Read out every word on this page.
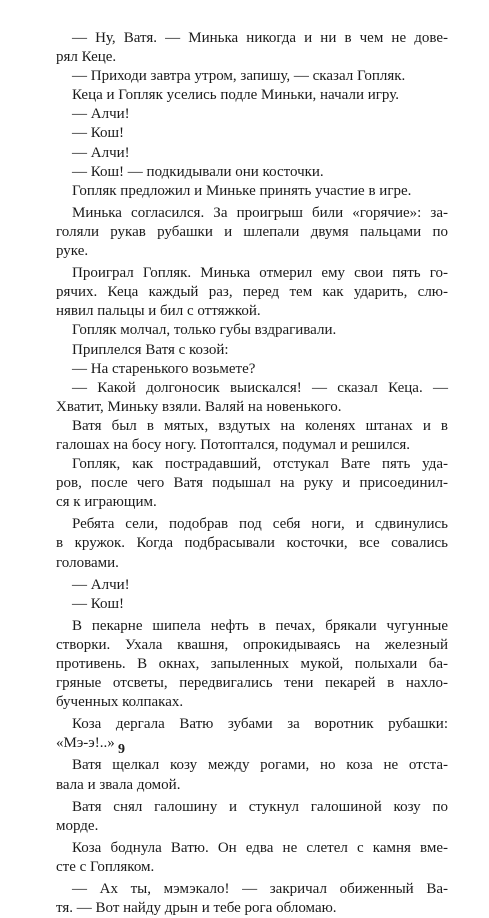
— Ну, Ватя. — Минька никогда и ни в чем не дове-
рял Кеце.
— Приходи завтра утром, запишу, — сказал Гопляк.
Кеца и Гопляк уселись подле Миньки, начали игру.
— Алчи!
— Кош!
— Алчи!
— Кош! — подкидывали они косточки.
Гопляк предложил и Миньке принять участие в игре.
Минька согласился. За проигрыш били «горячие»: за-
голяли рукав рубашки и шлепали двумя пальцами по
руке.
Проиграл Гопляк. Минька отмерил ему свои пять го-
рячих. Кеца каждый раз, перед тем как ударить, слю-
нявил пальцы и бил с оттяжкой.
Гопляк молчал, только губы вздрагивали.
Приплелся Ватя с козой:
— На старенького возьмете?
— Какой долгоносик выискался! — сказал Кеца. —
Хватит, Миньку взяли. Валяй на новенького.
Ватя был в мятых, вздутых на коленях штанах и в
галошах на босу ногу. Потоптался, подумал и решился.
Гопляк, как пострадавший, отстукал Вате пять уда-
ров, после чего Ватя подышал на руку и присоединил-
ся к играющим.
Ребята сели, подобрав под себя ноги, и сдвинулись
в кружок. Когда подбрасывали косточки, все совались
головами.
— Алчи!
— Кош!
В пекарне шипела нефть в печах, брякали чугунные
створки. Ухала квашня, опрокидываясь на железный
противень. В окнах, запыленных мукой, полыхали ба-
гряные отсветы, передвигались тени пекарей в нахло-
бученных колпаках.
Коза дергала Ватю зубами за воротник рубашки:
«Мэ-э!..»
Ватя щелкал козу между рогами, но коза не отста-
вала и звала домой.
Ватя снял галошину и стукнул галошиной козу по
морде.
Коза боднула Ватю. Он едва не слетел с камня вме-
сте с Гопляком.
— Ах ты, мэмэкало! — закричал обиженный Ва-
тя. — Вот найду дрын и тебе рога обломаю.
9
